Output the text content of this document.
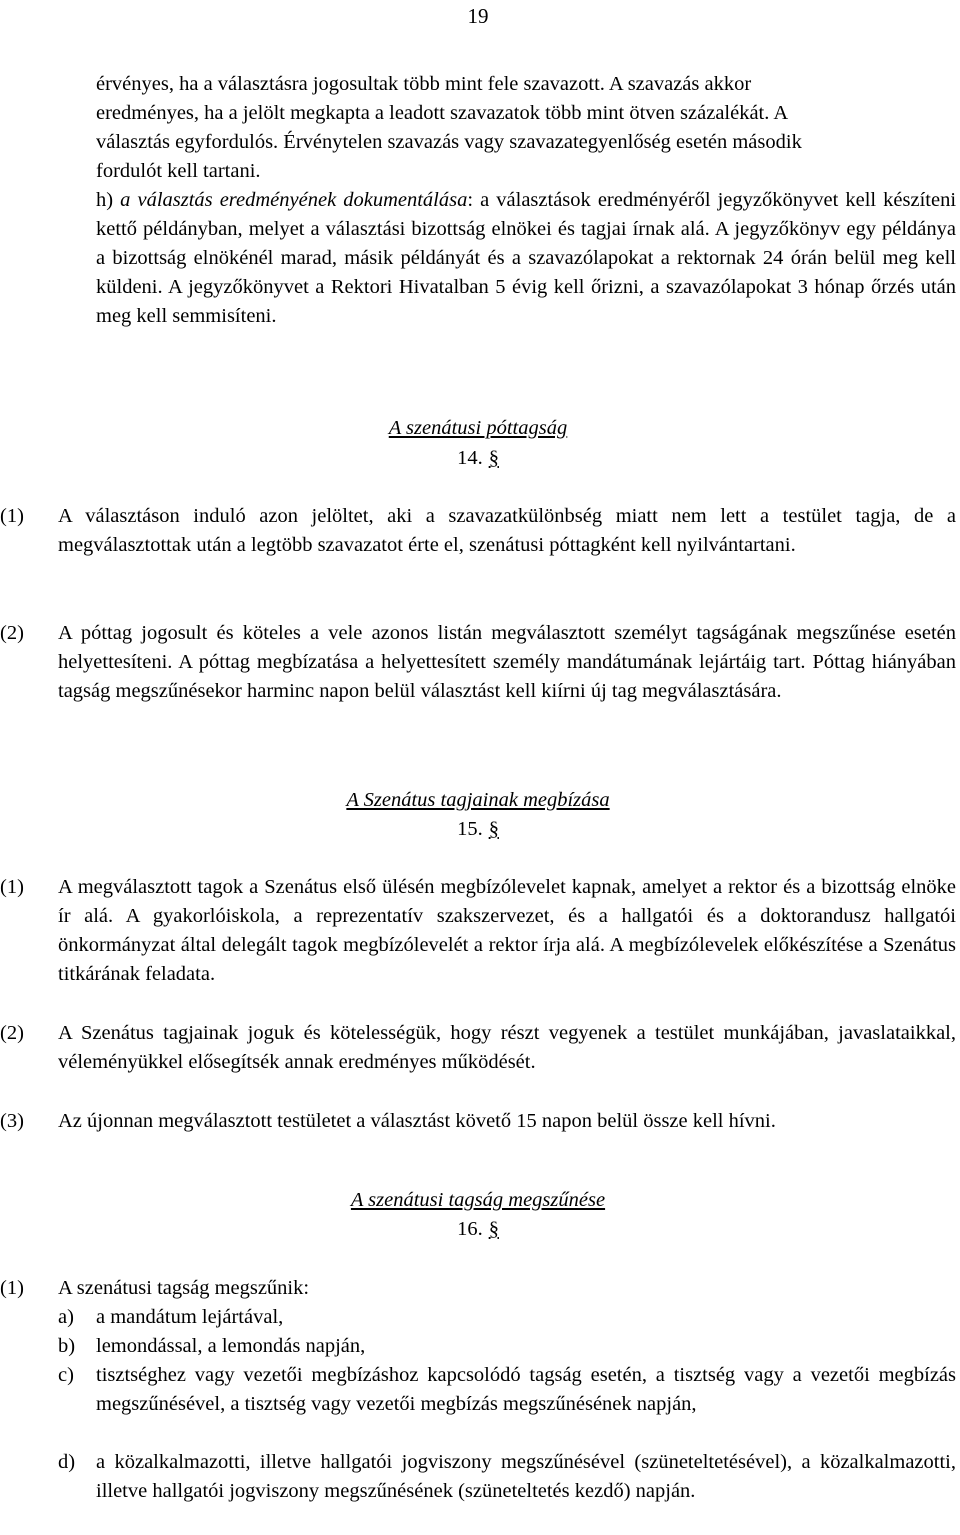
19

érvényes, ha a választásra jogosultak több mint fele szavazott. A szavazás akkor

eredményes, ha a jelölt megkapta a leadott szavazatok több mint ötven százalékát. A

választás egyfordulós. Érvénytelen szavazás vagy szavazategyenlőség esetén második

fordulót kell tartani.

h) a választás eredményének dokumentálása: a választások eredményéről jegyzőkönyvet kell készíteni kettő példányban, melyet a választási bizottság elnökei és tagjai írnak alá. A jegyzőkönyv egy példánya a bizottság elnökénél marad, másik példányát és a szavazólapokat a rektornak 24 órán belül meg kell küldeni. A jegyzőkönyvet a Rektori Hivatalban 5 évig kell őrizni, a szavazólapokat 3 hónap őrzés után meg kell semmisíteni.
A szenátusi póttagság
14. §
(1)	A választáson induló azon jelöltet, aki a szavazatkülönbség miatt nem lett a testület tagja, de a megválasztottak után a legtöbb szavazatot érte el, szenátusi póttagként kell nyilvántartani.
(2)	A póttag jogosult és köteles a vele azonos listán megválasztott személyt tagságának megszűnése esetén helyettesíteni. A póttag megbízatása a helyettesített személy mandátumának lejártáig tart. Póttag hiányában tagság megszűnésekor harminc napon belül választást kell kiírni új tag megválasztására.
A Szenátus tagjainak megbízása
15. §
(1)	A megválasztott tagok a Szenátus első ülésén megbízólevelet kapnak, amelyet a rektor és a bizottság elnöke ír alá. A gyakorlóiskola, a reprezentatív szakszervezet, és a hallgatói és a doktorandusz hallgatói önkormányzat által delegált tagok megbízólevelét a rektor írja alá. A megbízólevelek előkészítése a Szenátus titkárának feladata.
(2)	A Szenátus tagjainak joguk és kötelességük, hogy részt vegyenek a testület munkájában, javaslataikkal, véleményükkel elősegítsék annak eredményes működését.
(3)	Az újonnan megválasztott testületet a választást követő 15 napon belül össze kell hívni.
A szenátusi tagság megszűnése
16. §
(1)	A szenátusi tagság megszűnik:
a)	a mandátum lejártával,
b)	lemondással, a lemondás napján,
c)	tisztséghez vagy vezetői megbízáshoz kapcsolódó tagság esetén, a tisztség vagy a vezetői megbízás megszűnésével, a tisztség vagy vezetői megbízás megszűnésének napján,
d)	a közalkalmazotti, illetve hallgatói jogviszony megszűnésével (szüneteltetésével), a közalkalmazotti, illetve hallgatói jogviszony megszűnésének (szüneteltetés kezdő) napján.
